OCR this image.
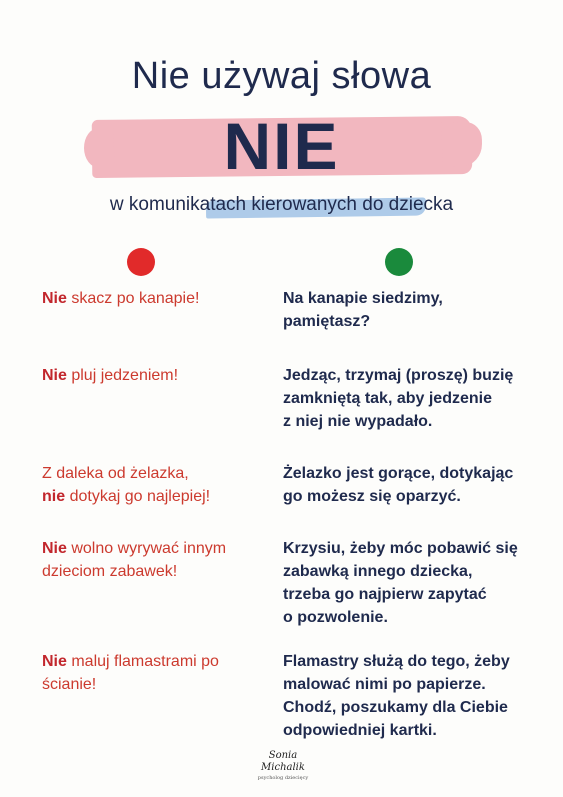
Nie używaj słowa
NIE
w komunikatach kierowanych do dziecka
Nie skacz po kanapie!	Na kanapie siedzimy,
pamiętasz?
Nie pluj jedzeniem!	Jedząc, trzymaj (proszę) buzię
zamkniętą tak, aby jedzenie
z niej nie wypadało.
Z daleka od żelazka,
nie dotykaj go najlepiej!
Żelazko jest gorące, dotykając
go możesz się oparzyć.
Nie wolno wyrywać innym
dzieciom zabawek!
Krzysiu, żeby móc pobawić się
zabawką innego dziecka,
trzeba go najpierw zapytać
o pozwolenie.
Nie maluj flamastrami po
ścianie!
Flamastry służą do tego, żeby
malować nimi po papierze.
Chodź, poszukamy dla Ciebie
odpowiedniej kartki.
Sonia
Michalik
psycholog dziecięcy
